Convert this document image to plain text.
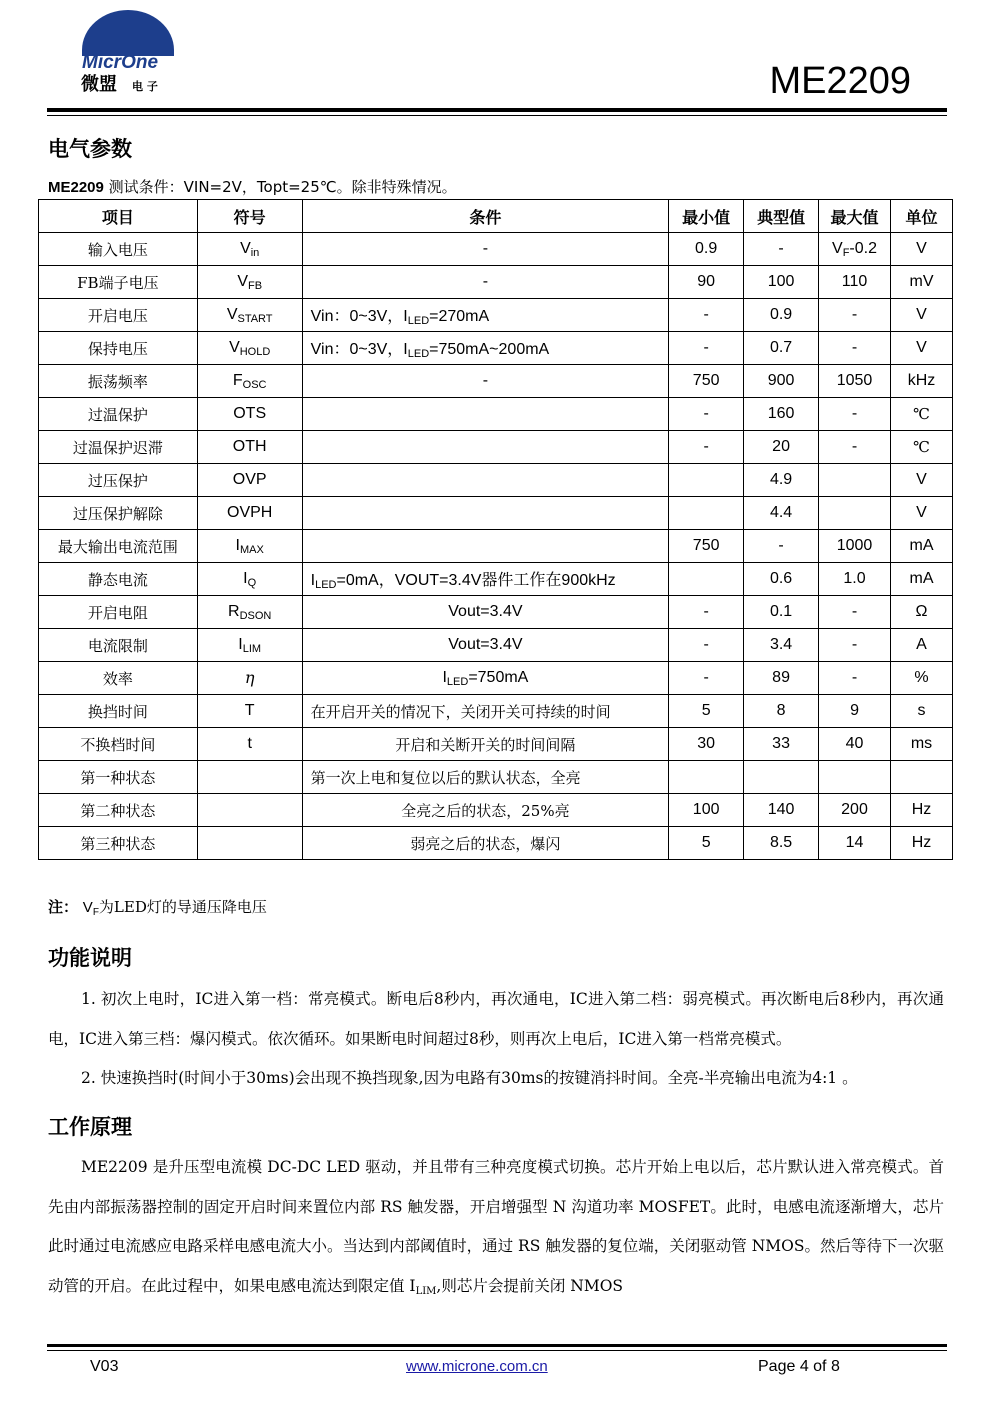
MicrOne
微盟 电 子	ME2209
电气参数
ME2209 测试条件：VIN=2V，Topt=25℃。除非特殊情况。
项目	符号	条件	最小值	典型值	最大值	单位
输入电压	$V_{in}$	-	0.9	-	$V_F-0.2$	V
FB端子电压	$V_{FB}$	-	90	100	110	mV
开启电压	$V_{START}$	Vin：0~3V，$I_{LED}=270mA$	-	0.9	-	V
保持电压	$V_{HOLD}$	Vin：0~3V，$I_{LED}=750mA\sim 200mA$	-	0.7	-	V
振荡频率	$F_{OSC}$	-	750	900	1050	kHz
过温保护	OTS		-	160	-	℃
过温保护迟滞	OTH		-	20	-	℃
过压保护	OVP			4.9		V
过压保护解除	OVPH			4.4		V
最大输出电流范围	$I_{MAX}$		750	-	1000	mA
静态电流	$I_Q$	$I_{LED}=0mA$，VOUT=3.4V器件工作在900kHz		0.6	1.0	mA
开启电阻	$R_{DSON}$	Vout=3.4V	-	0.1	-	Ω
电流限制	$I_{LIM}$	Vout=3.4V	-	3.4	-	A
效率	η	$I_{LED}=750mA$	-	89	-	%
换挡时间	T	在开启开关的情况下，关闭开关可持续的时间	5	8	9	s
不换档时间	t	开启和关断开关的时间间隔	30	33	40	ms
第一种状态		第一次上电和复位以后的默认状态，全亮				
第二种状态		全亮之后的状态，25%亮	100	140	200	Hz
第三种状态		弱亮之后的状态，爆闪	5	8.5	14	Hz
注： $V_F$为LED灯的导通压降电压
功能说明
1. 初次上电时，IC进入第一档：常亮模式。断电后8秒内，再次通电，IC进入第二档：弱亮模式。再次断电后8秒内，再次通电，IC进入第三档：爆闪模式。依次循环。如果断电时间超过8秒，则再次上电后，IC进入第一档常亮模式。
2. 快速换挡时(时间小于30ms)会出现不换挡现象,因为电路有30ms的按键消抖时间。全亮-半亮输出电流为4:1 。
工作原理
ME2209 是升压型电流模 DC-DC LED 驱动，并且带有三种亮度模式切换。芯片开始上电以后，芯片默认进入常亮模式。首先由内部振荡器控制的固定开启时间来置位内部 RS 触发器，开启增强型 N 沟道功率 MOSFET。此时，电感电流逐渐增大，芯片此时通过电流感应电路采样电感电流大小。当达到内部阈值时，通过 RS 触发器的复位端，关闭驱动管 NMOS。然后等待下一次驱动管的开启。在此过程中，如果电感电流达到限定值 $I_{LIM}$,则芯片会提前关闭 NMOS
V03	www.microne.com.cn	Page 4 of 8
